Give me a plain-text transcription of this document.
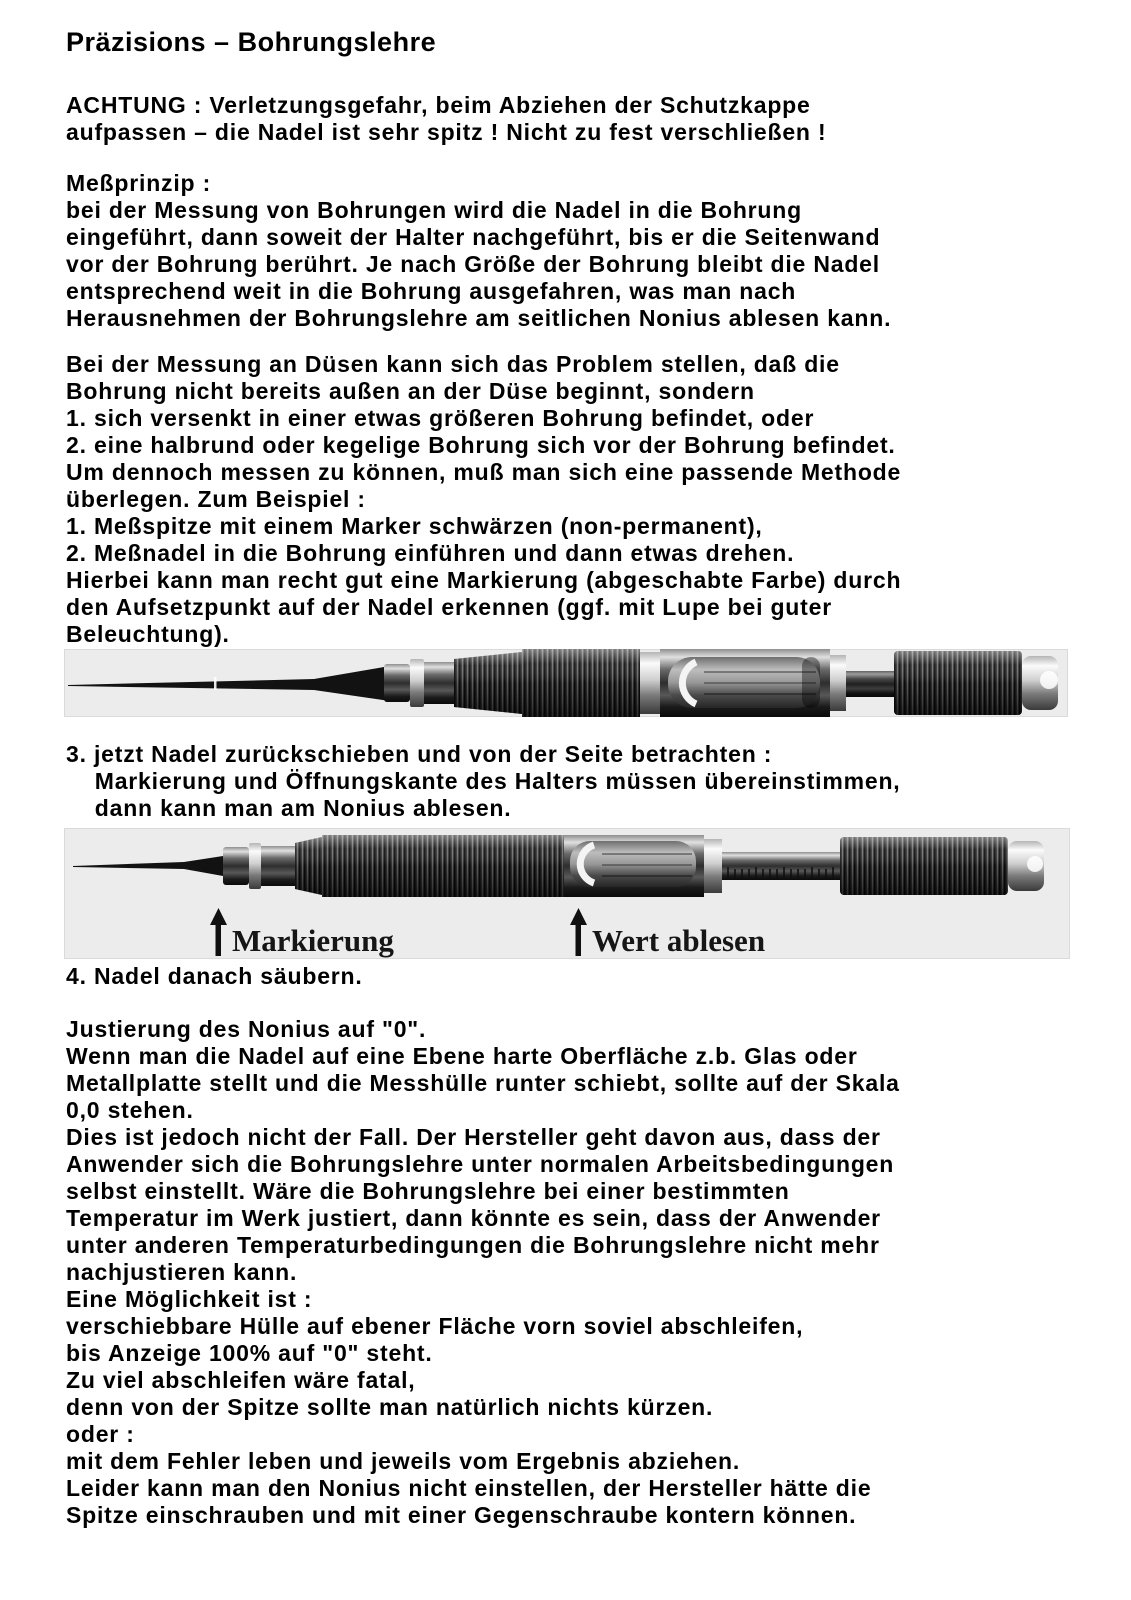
Präzisions – Bohrungslehre
ACHTUNG : Verletzungsgefahr, beim Abziehen der Schutzkappe
aufpassen – die Nadel ist sehr spitz ! Nicht zu fest verschließen !
Meßprinzip :
bei der Messung von Bohrungen wird die Nadel in die Bohrung
eingeführt, dann soweit der Halter nachgeführt, bis er die Seitenwand
vor der Bohrung berührt. Je nach Größe der Bohrung bleibt die Nadel
entsprechend weit in die Bohrung ausgefahren, was man nach
Herausnehmen der Bohrungslehre am seitlichen Nonius ablesen kann.
Bei der Messung an Düsen kann sich das Problem stellen, daß die
Bohrung nicht bereits außen an der Düse beginnt, sondern
1. sich versenkt in einer etwas größeren Bohrung befindet, oder
2. eine halbrund oder kegelige Bohrung sich vor der Bohrung befindet.
Um dennoch messen zu können, muß man sich eine passende Methode
überlegen. Zum Beispiel :
1. Meßspitze mit einem Marker schwärzen (non-permanent),
2. Meßnadel in die Bohrung einführen und dann etwas drehen.
Hierbei kann man recht gut eine Markierung (abgeschabte Farbe) durch
den Aufsetzpunkt auf der Nadel erkennen (ggf. mit Lupe bei guter
Beleuchtung).
3. jetzt Nadel zurückschieben und von der Seite betrachten :
Markierung und Öffnungskante des Halters müssen übereinstimmen,
dann kann man am Nonius ablesen.
Markierung	Wert ablesen
4. Nadel danach säubern.
Justierung des Nonius auf "0".
Wenn man die Nadel auf eine Ebene harte Oberfläche z.b. Glas oder
Metallplatte stellt und die Messhülle runter schiebt, sollte auf der Skala
0,0 stehen.
Dies ist jedoch nicht der Fall. Der Hersteller geht davon aus, dass der
Anwender sich die Bohrungslehre unter normalen Arbeitsbedingungen
selbst einstellt. Wäre die Bohrungslehre bei einer bestimmten
Temperatur im Werk justiert, dann könnte es sein, dass der Anwender
unter anderen Temperaturbedingungen die Bohrungslehre nicht mehr
nachjustieren kann.
Eine Möglichkeit ist :
verschiebbare Hülle auf ebener Fläche vorn soviel abschleifen,
bis Anzeige 100% auf "0" steht.
Zu viel abschleifen wäre fatal,
denn von der Spitze sollte man natürlich nichts kürzen.
oder :
mit dem Fehler leben und jeweils vom Ergebnis abziehen.
Leider kann man den Nonius nicht einstellen, der Hersteller hätte die
Spitze einschrauben und mit einer Gegenschraube kontern können.
